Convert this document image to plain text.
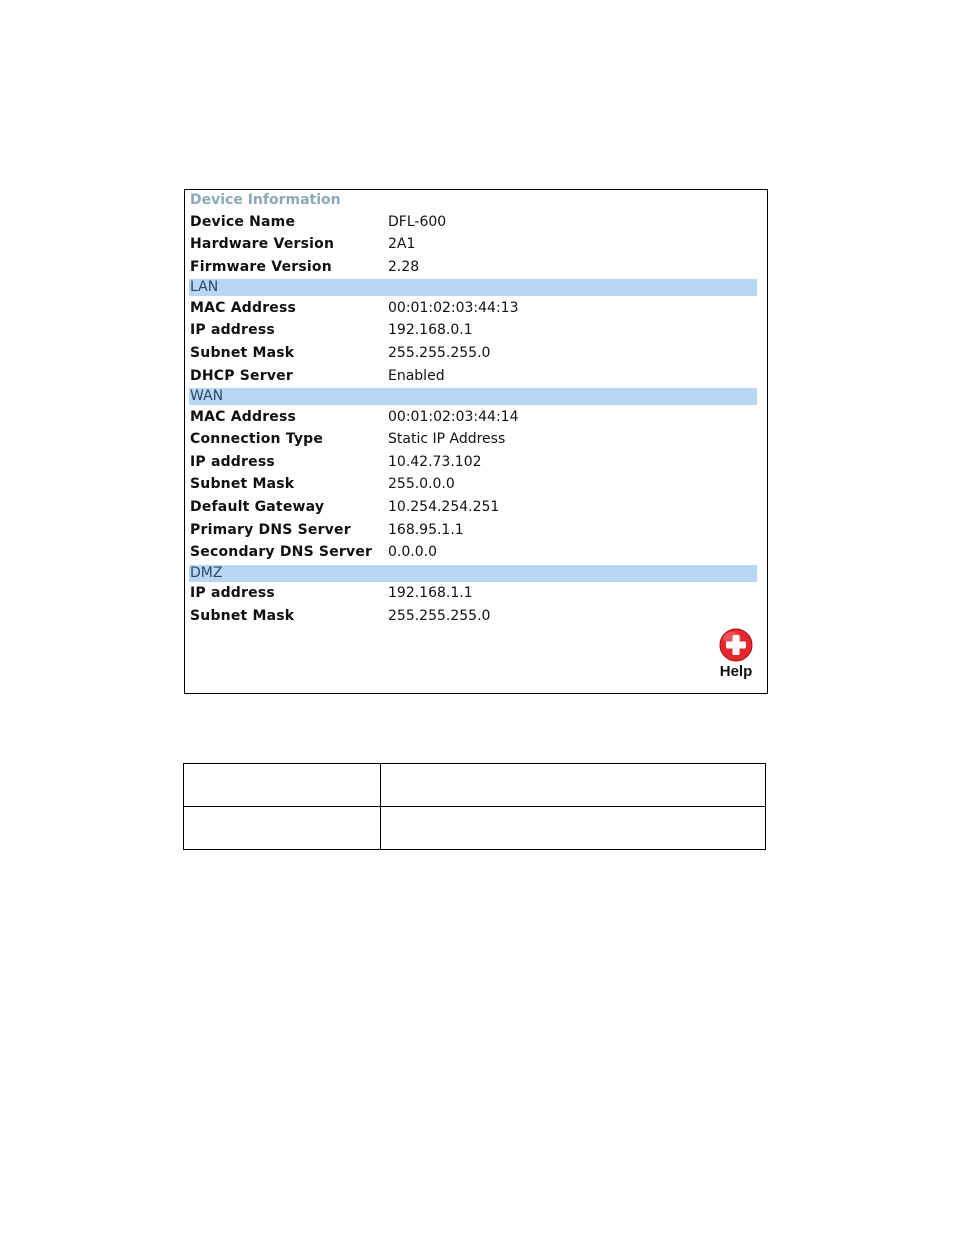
Device Information
Device Name	DFL-600
Hardware Version	2A1
Firmware Version	2.28
LAN
MAC Address	00:01:02:03:44:13
IP address	192.168.0.1
Subnet Mask	255.255.255.0
DHCP Server	Enabled
WAN
MAC Address	00:01:02:03:44:14
Connection Type	Static IP Address
IP address	10.42.73.102
Subnet Mask	255.0.0.0
Default Gateway	10.254.254.251
Primary DNS Server	168.95.1.1
Secondary DNS Server 0.0.0.0
DMZ
IP address	192.168.1.1
Subnet Mask	255.255.255.0
Help
